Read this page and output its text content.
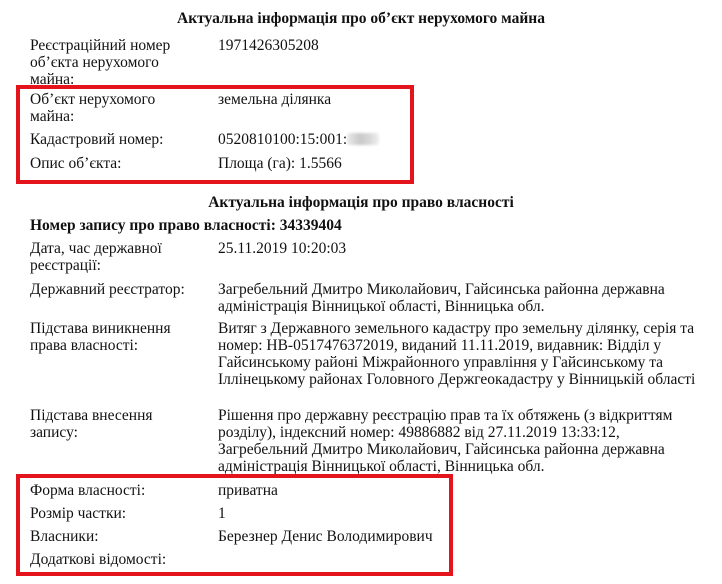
Актуальна інформація про об’єкт нерухомого майна
Реєстраційний номер об’єкта нерухомого майна:
1971426305208
Об’єкт нерухомого майна:
земельна ділянка
Кадастровий номер:	0520810100:15:001:
Опис об’єкта:	Площа (га): 1.5566
Актуальна інформація про право власності
Номер запису про право власності: 34339404
Дата, час державної реєстрації:
25.11.2019 10:20:03
Державний реєстратор:	Загребельний Дмитро Миколайович, Гайсинська районна державна адміністрація Вінницької області, Вінницька обл.
Підстава виникнення права власності:
Витяг з Державного земельного кадастру про земельну ділянку, серія та номер: НВ-0517476372019, виданий 11.11.2019, видавник: Відділ у Гайсинському районі Міжрайонного управління у Гайсинському та Іллінецькому районах Головного Держгеокадастру у Вінницькій області
Підстава внесення запису:
Рішення про державну реєстрацію прав та їх обтяжень (з відкриттям розділу), індексний номер: 49886882 від 27.11.2019 13:33:12, Загребельний Дмитро Миколайович, Гайсинська районна державна адміністрація Вінницької області, Вінницька обл.
Форма власності:	приватна
Розмір частки:	1
Власники:	Березнер Денис Володимирович
Додаткові відомості:
